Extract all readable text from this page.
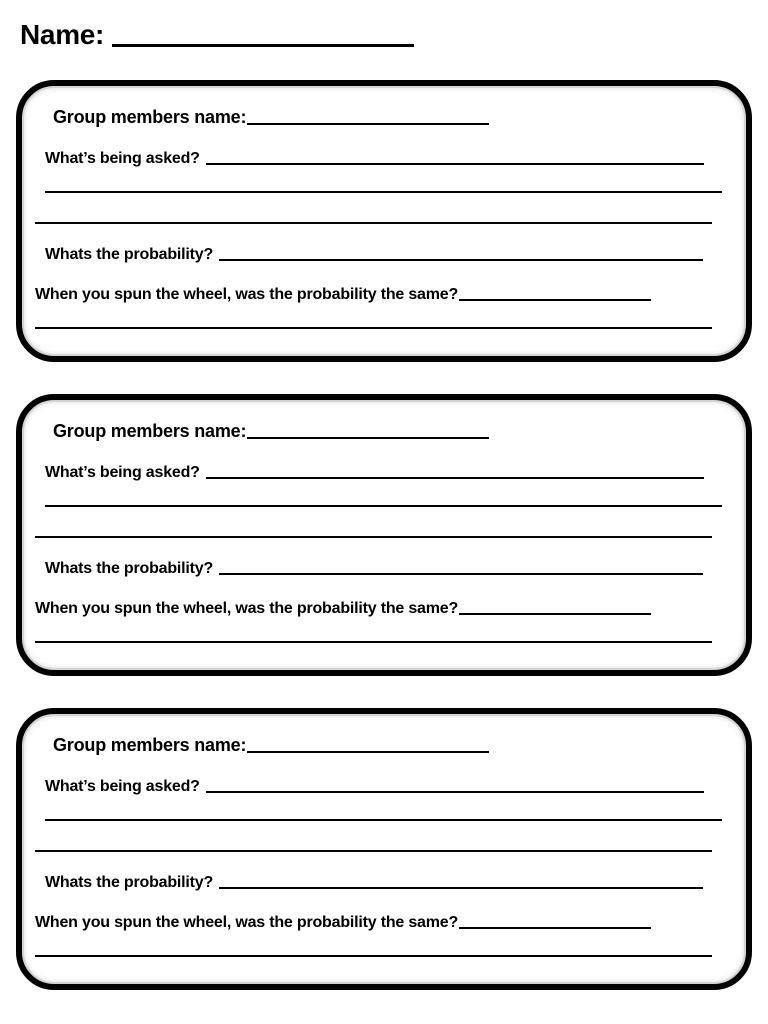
Name:
Group members name:
What’s being asked?
Whats the probability?
When you spun the wheel, was the probability the same?
Group members name:
What’s being asked?
Whats the probability?
When you spun the wheel, was the probability the same?
Group members name:
What’s being asked?
Whats the probability?
When you spun the wheel, was the probability the same?
